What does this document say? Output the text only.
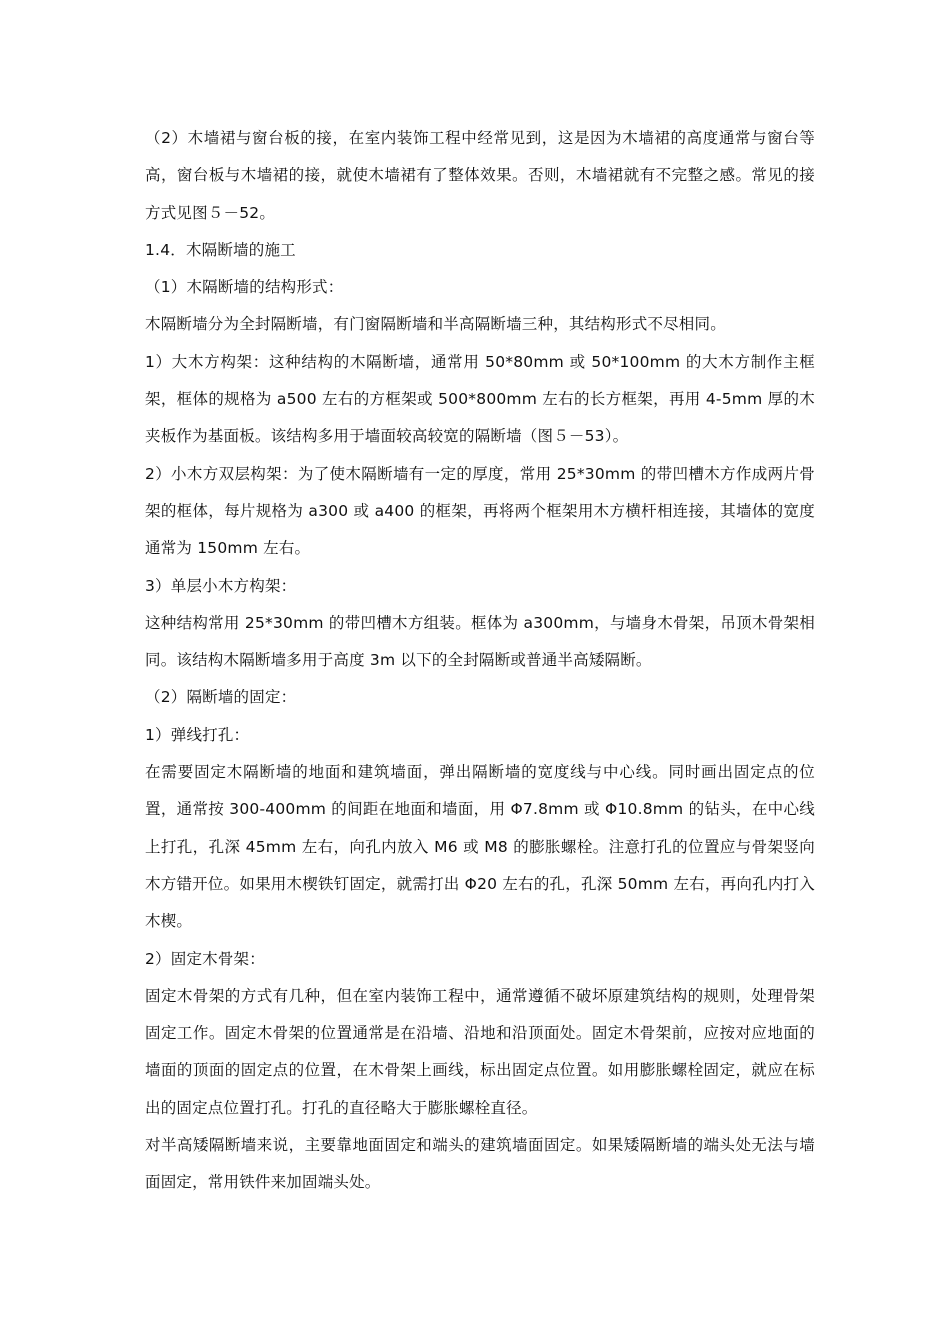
（2）木墙裙与窗台板的接，在室内装饰工程中经常见到，这是因为木墙裙的高度通常与窗台等高，窗台板与木墙裙的接，就使木墙裙有了整体效果。否则，木墙裙就有不完整之感。常见的接方式见图５－52。

1.4．木隔断墙的施工

（1）木隔断墙的结构形式：

木隔断墙分为全封隔断墙，有门窗隔断墙和半高隔断墙三种，其结构形式不尽相同。

1）大木方构架：这种结构的木隔断墙，通常用 50*80mm 或 50*100mm 的大木方制作主框架，框体的规格为 a500 左右的方框架或 500*800mm 左右的长方框架，再用 4-5mm 厚的木夹板作为基面板。该结构多用于墙面较高较宽的隔断墙（图５－53）。

2）小木方双层构架：为了使木隔断墙有一定的厚度，常用 25*30mm 的带凹槽木方作成两片骨架的框体，每片规格为 a300 或 a400 的框架，再将两个框架用木方横杆相连接，其墙体的宽度通常为 150mm 左右。

3）单层小木方构架：

这种结构常用 25*30mm 的带凹槽木方组装。框体为 a300mm，与墙身木骨架，吊顶木骨架相同。该结构木隔断墙多用于高度 3m 以下的全封隔断或普通半高矮隔断。

（2）隔断墙的固定：

1）弹线打孔：

在需要固定木隔断墙的地面和建筑墙面，弹出隔断墙的宽度线与中心线。同时画出固定点的位置，通常按 300-400mm 的间距在地面和墙面，用 Φ7.8mm 或 Φ10.8mm 的钻头，在中心线上打孔，孔深 45mm 左右，向孔内放入 M6 或 M8 的膨胀螺栓。注意打孔的位置应与骨架竖向木方错开位。如果用木楔铁钉固定，就需打出 Φ20 左右的孔，孔深 50mm 左右，再向孔内打入木楔。

2）固定木骨架：

固定木骨架的方式有几种，但在室内装饰工程中，通常遵循不破坏原建筑结构的规则，处理骨架固定工作。固定木骨架的位置通常是在沿墙、沿地和沿顶面处。固定木骨架前，应按对应地面的墙面的顶面的固定点的位置，在木骨架上画线，标出固定点位置。如用膨胀螺栓固定，就应在标出的固定点位置打孔。打孔的直径略大于膨胀螺栓直径。

对半高矮隔断墙来说，主要靠地面固定和端头的建筑墙面固定。如果矮隔断墙的端头处无法与墙面固定，常用铁件来加固端头处。
